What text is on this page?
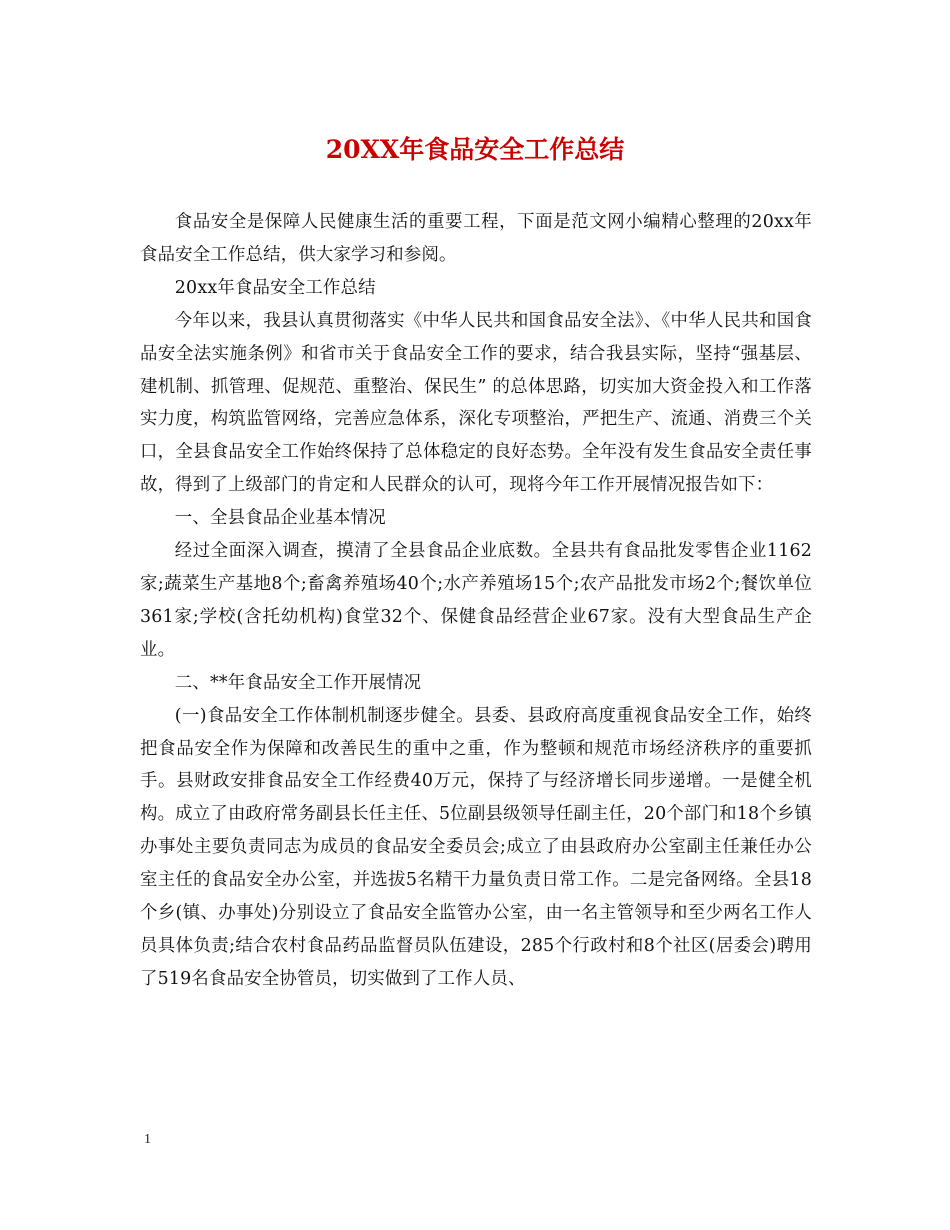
20XX年食品安全工作总结

食品安全是保障人民健康生活的重要工程，下面是范文网小编精心整理的20xx年食品安全工作总结，供大家学习和参阅。

20xx年食品安全工作总结

今年以来，我县认真贯彻落实《中华人民共和国食品安全法》、《中华人民共和国食品安全法实施条例》和省市关于食品安全工作的要求，结合我县实际，坚持“强基层、建机制、抓管理、促规范、重整治、保民生” 的总体思路，切实加大资金投入和工作落实力度，构筑监管网络，完善应急体系，深化专项整治，严把生产、流通、消费三个关口，全县食品安全工作始终保持了总体稳定的良好态势。全年没有发生食品安全责任事故，得到了上级部门的肯定和人民群众的认可，现将今年工作开展情况报告如下：

一、全县食品企业基本情况

经过全面深入调查，摸清了全县食品企业底数。全县共有食品批发零售企业1162家;蔬菜生产基地8个;畜禽养殖场40个;水产养殖场15个;农产品批发市场2个;餐饮单位361家;学校(含托幼机构)食堂32个、保健食品经营企业67家。没有大型食品生产企业。

二、**年食品安全工作开展情况

(一)食品安全工作体制机制逐步健全。县委、县政府高度重视食品安全工作，始终把食品安全作为保障和改善民生的重中之重，作为整顿和规范市场经济秩序的重要抓手。县财政安排食品安全工作经费40万元，保持了与经济增长同步递增。一是健全机构。成立了由政府常务副县长任主任、5位副县级领导任副主任，20个部门和18个乡镇办事处主要负责同志为成员的食品安全委员会;成立了由县政府办公室副主任兼任办公室主任的食品安全办公室，并选拔5名精干力量负责日常工作。二是完备网络。全县18个乡(镇、办事处)分别设立了食品安全监管办公室，由一名主管领导和至少两名工作人员具体负责;结合农村食品药品监督员队伍建设，285个行政村和8个社区(居委会)聘用了519名食品安全协管员，切实做到了工作人员、

1
